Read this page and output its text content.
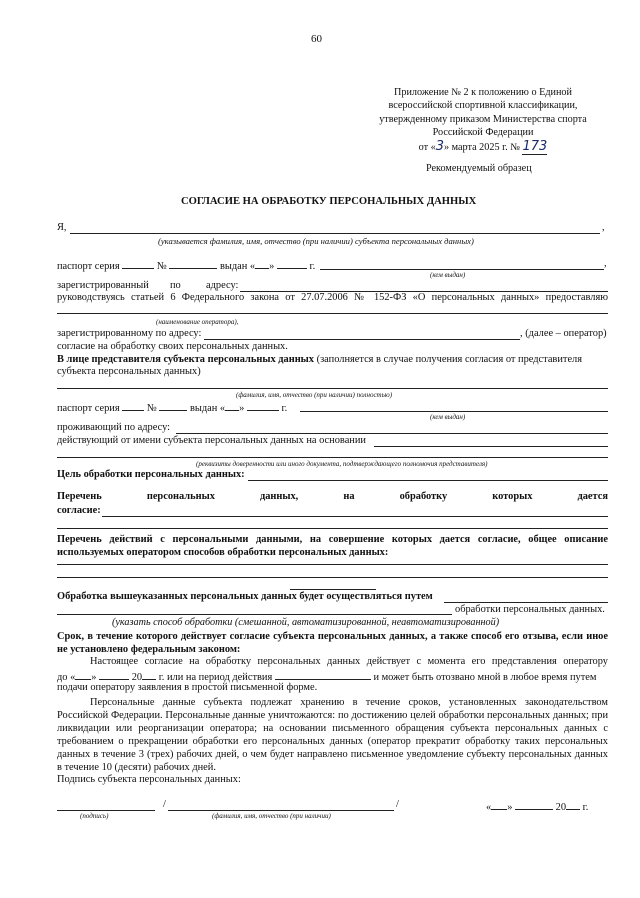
60
Приложение № 2 к положению о Единой
всероссийской спортивной классификации,
утвержденному приказом Министерства спорта
Российской Федерации
от «3» марта 2025 г. № 173
Рекомендуемый образец
СОГЛАСИЕ НА ОБРАБОТКУ ПЕРСОНАЛЬНЫХ ДАННЫХ
Я,	,
(указывается фамилия, имя, отчество (при наличии) субъекта персональных данных)
паспорт серия	№	выдан « »	г.	,
(кем выдан)
зарегистрированный по адресу:
руководствуясь статьей 6 Федерального закона от 27.07.2006 № 152-ФЗ «О персональных данных» предоставляю
(наименование оператора),
зарегистрированному по адресу:	, (далее – оператор)
согласие на обработку своих персональных данных.
В лице представителя субъекта персональных данных (заполняется в случае получения согласия от представителя
субъекта персональных данных)
(фамилия, имя, отчество (при наличии) полностью)
паспорт серия	№	выдан « »	г.
(кем выдан)
проживающий по адресу:
действующий от имени субъекта персональных данных на основании
(реквизиты доверенности или иного документа, подтверждающего полномочия представителя)
Цель обработки персональных данных:
Перечень	персональных	данных,	на	обработку	которых	дается
согласие:
Перечень действий с персональными данными, на совершение которых дается согласие, общее описание используемых оператором способов обработки персональных данных:
Обработка вышеуказанных персональных данных будет осуществляться путем
обработки персональных данных.
(указать способ обработки (смешанной, автоматизированной, неавтоматизированной)
Срок, в течение которого действует согласие субъекта персональных данных, а также способ его отзыва, если иное не установлено федеральным законом:
Настоящее согласие на обработку персональных данных действует с момента его представления оператору
до « »	20 г. или на период действия	и может быть отозвано мной в любое время путем
подачи оператору заявления в простой письменной форме.
Персональные данные субъекта подлежат хранению в течение сроков, установленных законодательством Российской Федерации. Персональные данные уничтожаются: по достижению целей обработки персональных данных; при ликвидации или реорганизации оператора; на основании письменного обращения субъекта персональных данных с требованием о прекращении обработки его персональных данных (оператор прекратит обработку таких персональных данных в течение 3 (трех) рабочих дней, о чем будет направлено письменное уведомление субъекту персональных данных в течение 10 (десяти) рабочих дней.
Подпись субъекта персональных данных:
/	/	« »	20 г.
(подпись)	(фамилия, имя, отчество (при наличии)
